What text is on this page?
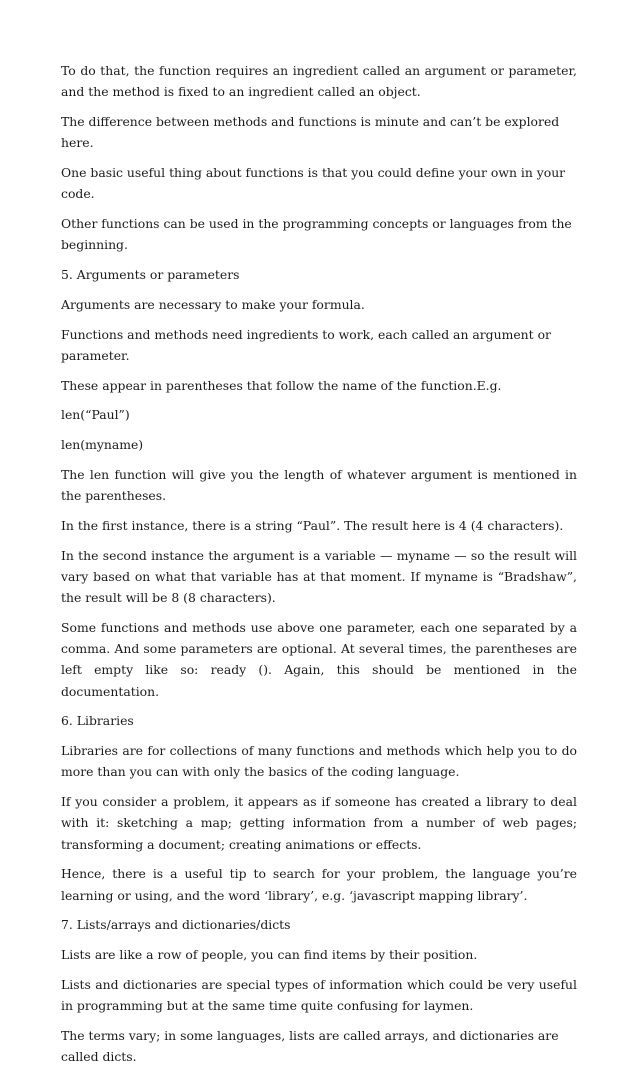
To do that, the function requires an ingredient called an argument or parameter, and the method is fixed to an ingredient called an object.

The difference between methods and functions is minute and can’t be explored here.

One basic useful thing about functions is that you could define your own in your code.

Other functions can be used in the programming concepts or languages from the beginning.

5. Arguments or parameters

Arguments are necessary to make your formula.

Functions and methods need ingredients to work, each called an argument or parameter.

These appear in parentheses that follow the name of the function.E.g.

len(“Paul”)

len(myname)

The len function will give you the length of whatever argument is mentioned in the parentheses.

In the first instance, there is a string “Paul”. The result here is 4 (4 characters).

In the second instance the argument is a variable — myname — so the result will vary based on what that variable has at that moment. If myname is “Bradshaw”, the result will be 8 (8 characters).

Some functions and methods use above one parameter, each one separated by a comma. And some parameters are optional. At several times, the parentheses are left empty like so: ready (). Again, this should be mentioned in the documentation.

6. Libraries

Libraries are for collections of many functions and methods which help you to do more than you can with only the basics of the coding language.

If you consider a problem, it appears as if someone has created a library to deal with it: sketching a map; getting information from a number of web pages; transforming a document; creating animations or effects.

Hence, there is a useful tip to search for your problem, the language you’re learning or using, and the word ‘library’, e.g. ‘javascript mapping library’.

7. Lists/arrays and dictionaries/dicts

Lists are like a row of people, you can find items by their position.

Lists and dictionaries are special types of information which could be very useful in programming but at the same time quite confusing for laymen.

The terms vary; in some languages, lists are called arrays, and dictionaries are called dicts.
